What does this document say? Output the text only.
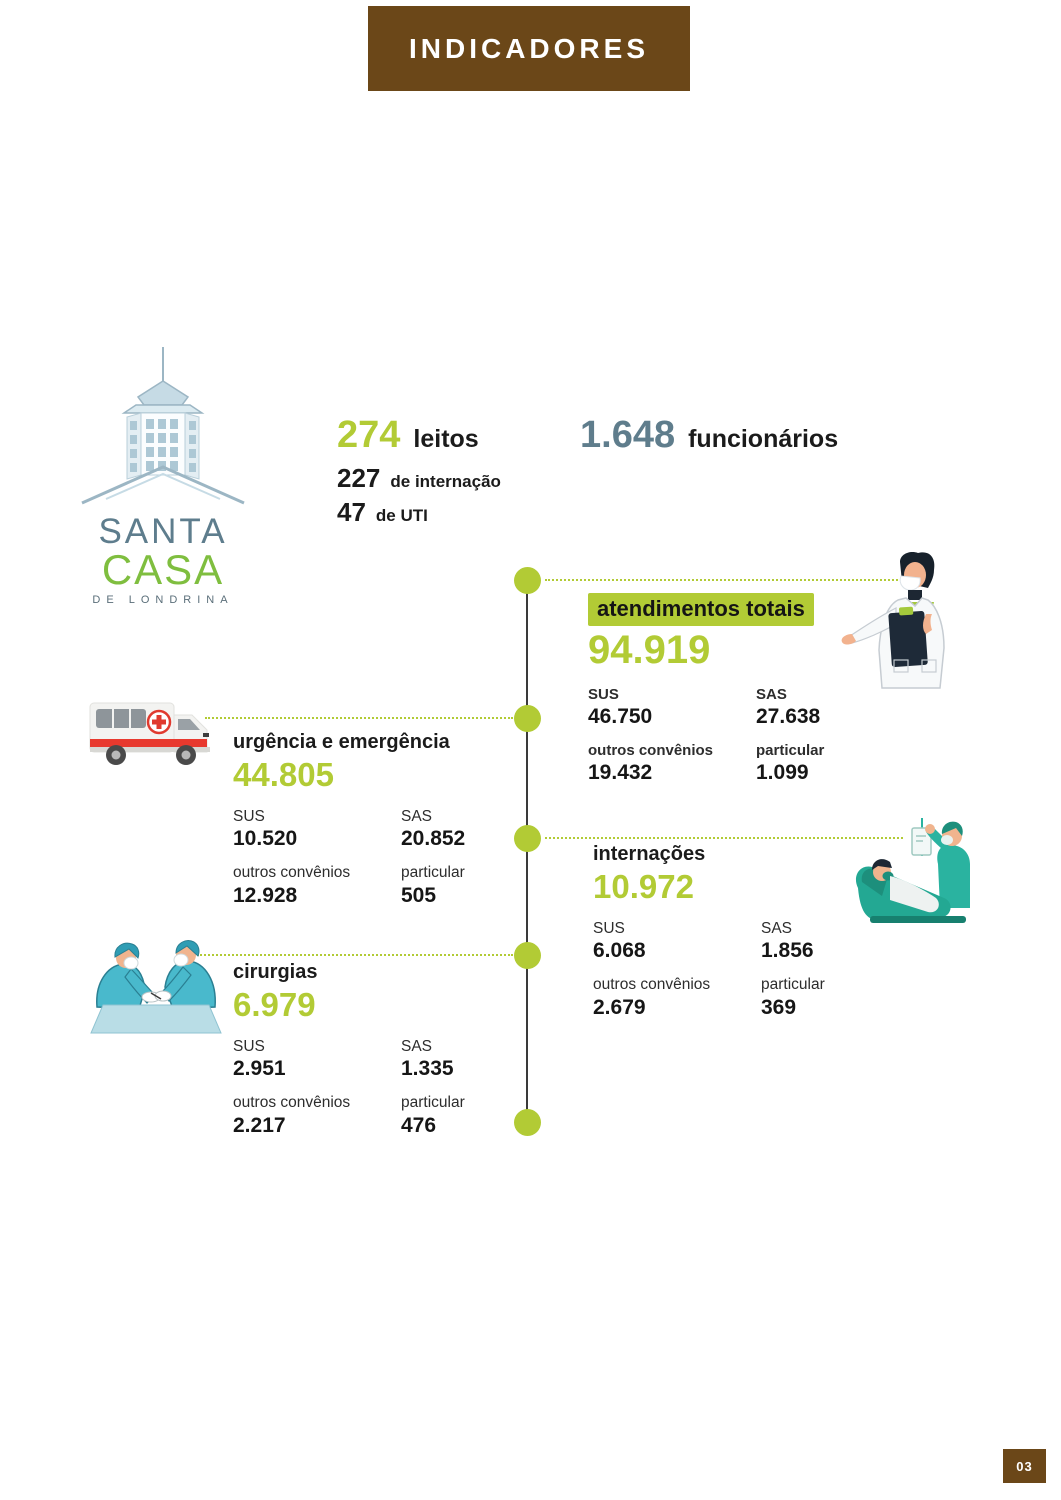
INDICADORES
SANTA
CASA
DE LONDRINA
274 leitos
227 de internação
47 de UTI
1.648 funcionários
atendimentos totais
94.919
SUS
46.750
SAS
27.638
outros convênios
19.432
particular
1.099
urgência e emergência
44.805
SUS
10.520
SAS
20.852
outros convênios
12.928
particular
505
internações
10.972
SUS
6.068
SAS
1.856
outros convênios
2.679
particular
369
cirurgias
6.979
SUS
2.951
SAS
1.335
outros convênios
2.217
particular
476
03
